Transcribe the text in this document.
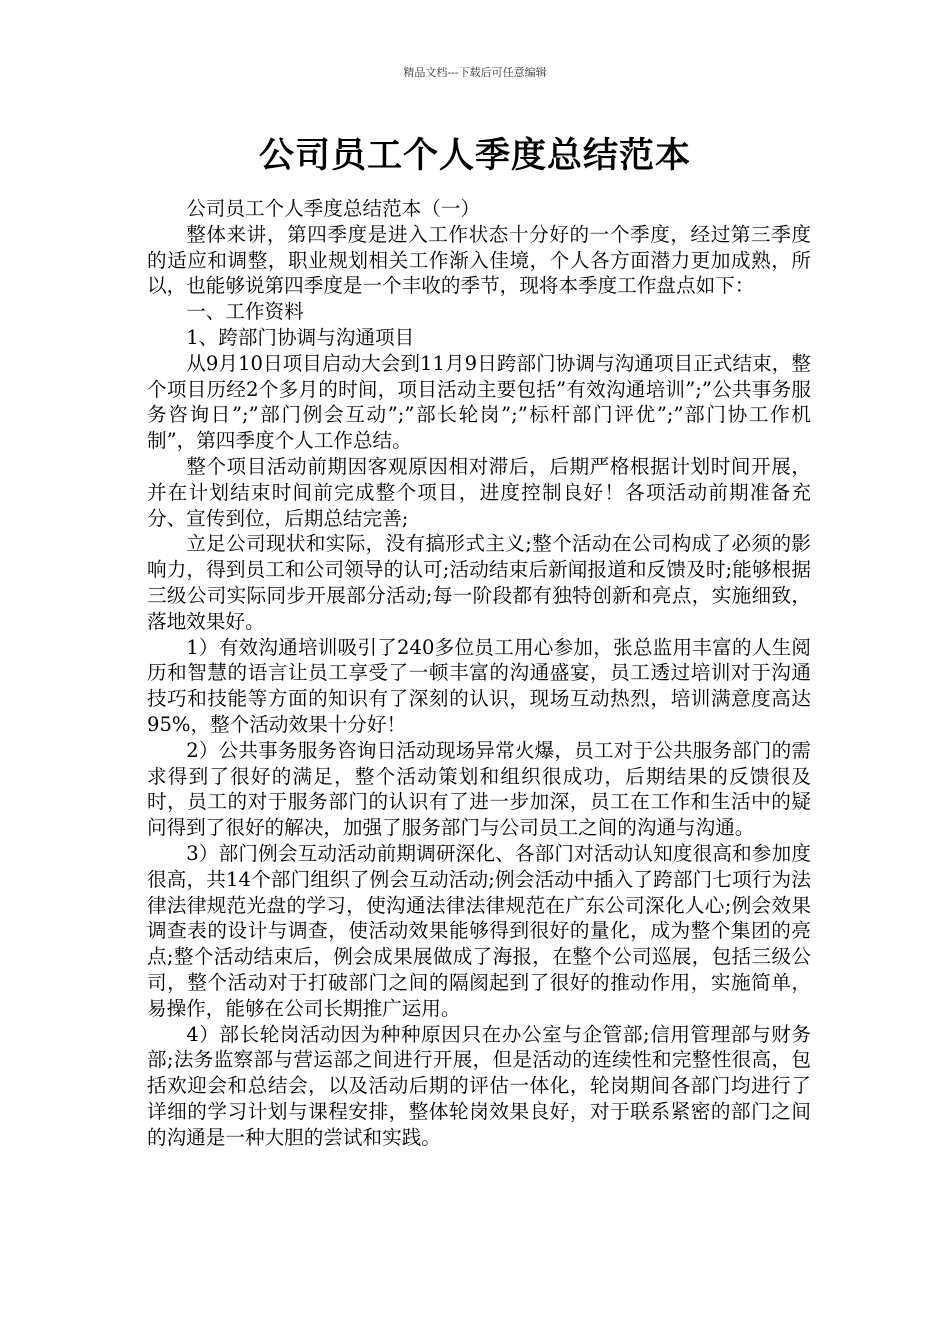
精品文档---下载后可任意编辑
公司员工个人季度总结范本

公司员工个人季度总结范本（一）

整体来讲，第四季度是进入工作状态十分好的一个季度，经过第三季度的适应和调整，职业规划相关工作渐入佳境，个人各方面潜力更加成熟，所以，也能够说第四季度是一个丰收的季节，现将本季度工作盘点如下：

一、工作资料

1、跨部门协调与沟通项目

从9月10日项目启动大会到11月9日跨部门协调与沟通项目正式结束，整个项目历经2个多月的时间，项目活动主要包括”有效沟通培训”;”公共事务服务咨询日”;”部门例会互动”;”部长轮岗”;”标杆部门评优”;”部门协工作机制”，第四季度个人工作总结。

整个项目活动前期因客观原因相对滞后，后期严格根据计划时间开展，并在计划结束时间前完成整个项目，进度控制良好！各项活动前期准备充分、宣传到位，后期总结完善;

立足公司现状和实际，没有搞形式主义;整个活动在公司构成了必须的影响力，得到员工和公司领导的认可;活动结束后新闻报道和反馈及时;能够根据三级公司实际同步开展部分活动;每一阶段都有独特创新和亮点，实施细致，落地效果好。

1）有效沟通培训吸引了240多位员工用心参加，张总监用丰富的人生阅历和智慧的语言让员工享受了一顿丰富的沟通盛宴，员工透过培训对于沟通技巧和技能等方面的知识有了深刻的认识，现场互动热烈，培训满意度高达95%，整个活动效果十分好！

2）公共事务服务咨询日活动现场异常火爆，员工对于公共服务部门的需求得到了很好的满足，整个活动策划和组织很成功，后期结果的反馈很及时，员工的对于服务部门的认识有了进一步加深，员工在工作和生活中的疑问得到了很好的解决，加强了服务部门与公司员工之间的沟通与沟通。

3）部门例会互动活动前期调研深化、各部门对活动认知度很高和参加度很高，共14个部门组织了例会互动活动;例会活动中插入了跨部门七项行为法律法律规范光盘的学习，使沟通法律法律规范在广东公司深化人心;例会效果调查表的设计与调查，使活动效果能够得到很好的量化，成为整个集团的亮点;整个活动结束后，例会成果展做成了海报，在整个公司巡展，包括三级公司，整个活动对于打破部门之间的隔阂起到了很好的推动作用，实施简单，易操作，能够在公司长期推广运用。

4）部长轮岗活动因为种种原因只在办公室与企管部;信用管理部与财务部;法务监察部与营运部之间进行开展，但是活动的连续性和完整性很高，包括欢迎会和总结会，以及活动后期的评估一体化，轮岗期间各部门均进行了详细的学习计划与课程安排，整体轮岗效果良好，对于联系紧密的部门之间的沟通是一种大胆的尝试和实践。
